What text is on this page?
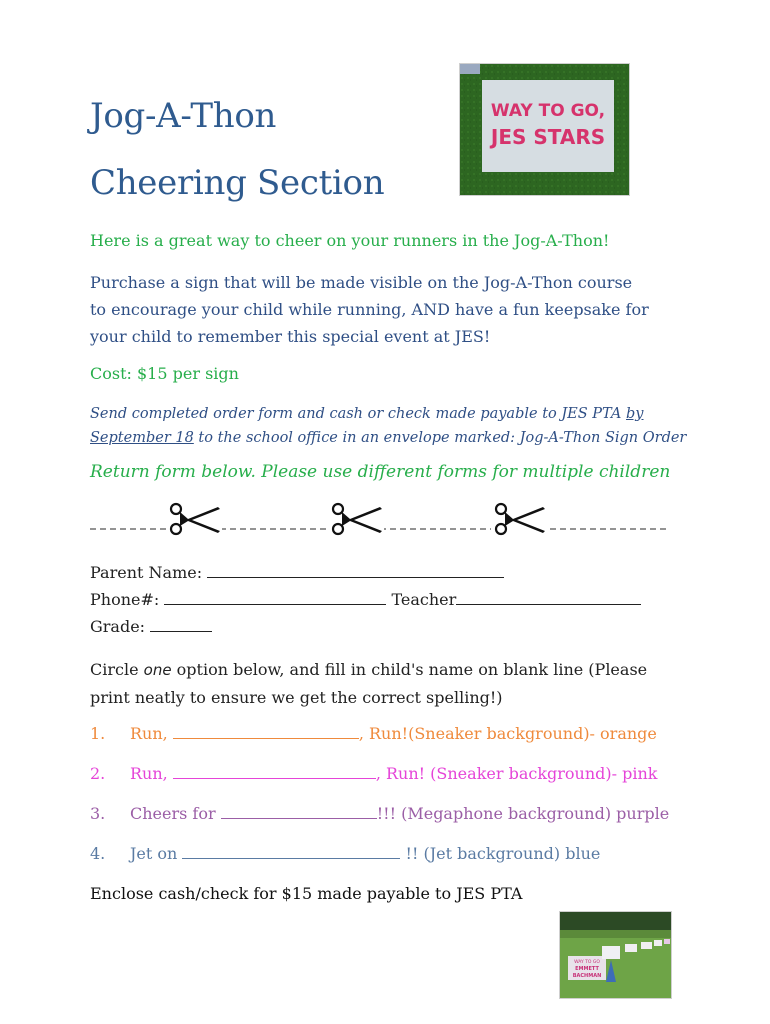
Jog-A-Thon
Cheering Section
WAY TO GO,
JES STARS
Here is a great way to cheer on your runners in the Jog-A-Thon!
Purchase a sign that will be made visible on the Jog-A-Thon course
to encourage your child while running, AND have a fun keepsake for
your child to remember this special event at JES!
Cost: $15 per sign
Send completed order form and cash or check made payable to JES PTA by
September 18 to the school office in an envelope marked: Jog-A-Thon Sign Order
Return form below. Please use different forms for multiple children
Parent Name:
Phone#:	Teacher
Grade:
Circle one option below, and fill in child's name on blank line (Please
print neatly to ensure we get the correct spelling!)
1. Run,	, Run!(Sneaker background)- orange
2. Run,	, Run! (Sneaker background)- pink
3. Cheers for	!!! (Megaphone background) purple
4. Jet on	!! (Jet background) blue
Enclose cash/check for $15 made payable to JES PTA
WAY TO GO
EMMETT
BACHMAN
